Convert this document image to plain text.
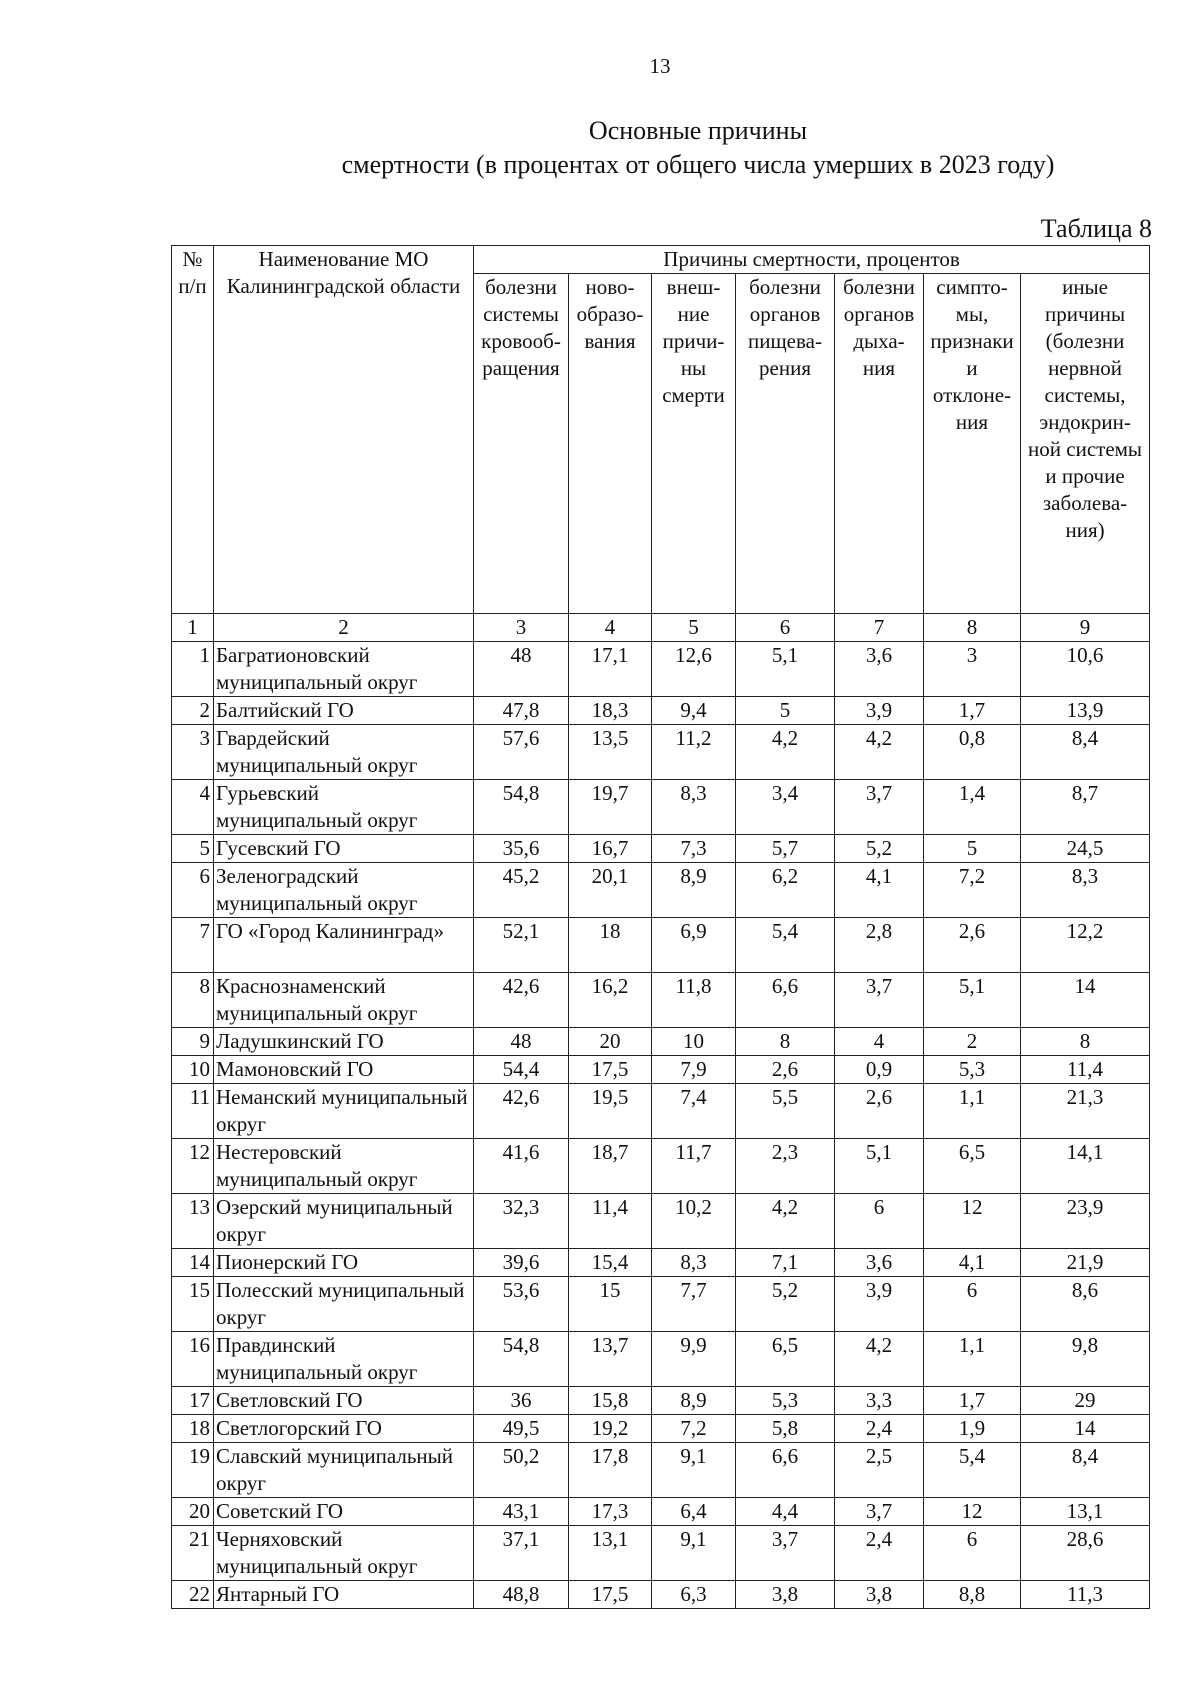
13
Основные причины
смертности (в процентах от общего числа умерших в 2023 году)
Таблица 8
№ п/п	Наименование МО Калининградской области	Причины смертности, процентов						
		болезни системы кровооб-ращения	ново-образо-вания	внеш-ние причи-ны смерти	болезни органов пищева-рения	болезни органов дыха-ния	симпто-мы, признаки и отклоне-ния	иные причины (болезни нервной системы, эндокрин-ной системы и прочие заболева-ния)
1	2	3	4	5	6	7	8	9
1	Багратионовский муниципальный округ	48	17,1	12,6	5,1	3,6	3	10,6
2	Балтийский ГО	47,8	18,3	9,4	5	3,9	1,7	13,9
3	Гвардейский муниципальный округ	57,6	13,5	11,2	4,2	4,2	0,8	8,4
4	Гурьевский муниципальный округ	54,8	19,7	8,3	3,4	3,7	1,4	8,7
5	Гусевский ГО	35,6	16,7	7,3	5,7	5,2	5	24,5
6	Зеленоградский муниципальный округ	45,2	20,1	8,9	6,2	4,1	7,2	8,3
7	ГО «Город Калининград»	52,1	18	6,9	5,4	2,8	2,6	12,2
8	Краснознаменский муниципальный округ	42,6	16,2	11,8	6,6	3,7	5,1	14
9	Ладушкинский ГО	48	20	10	8	4	2	8
10	Мамоновский ГО	54,4	17,5	7,9	2,6	0,9	5,3	11,4
11	Неманский муниципальный округ	42,6	19,5	7,4	5,5	2,6	1,1	21,3
12	Нестеровский муниципальный округ	41,6	18,7	11,7	2,3	5,1	6,5	14,1
13	Озерский муниципальный округ	32,3	11,4	10,2	4,2	6	12	23,9
14	Пионерский ГО	39,6	15,4	8,3	7,1	3,6	4,1	21,9
15	Полесский муниципальный округ	53,6	15	7,7	5,2	3,9	6	8,6
16	Правдинский муниципальный округ	54,8	13,7	9,9	6,5	4,2	1,1	9,8
17	Светловский ГО	36	15,8	8,9	5,3	3,3	1,7	29
18	Светлогорский ГО	49,5	19,2	7,2	5,8	2,4	1,9	14
19	Славский муниципальный округ	50,2	17,8	9,1	6,6	2,5	5,4	8,4
20	Советский ГО	43,1	17,3	6,4	4,4	3,7	12	13,1
21	Черняховский муниципальный округ	37,1	13,1	9,1	3,7	2,4	6	28,6
22	Янтарный ГО	48,8	17,5	6,3	3,8	3,8	8,8	11,3
